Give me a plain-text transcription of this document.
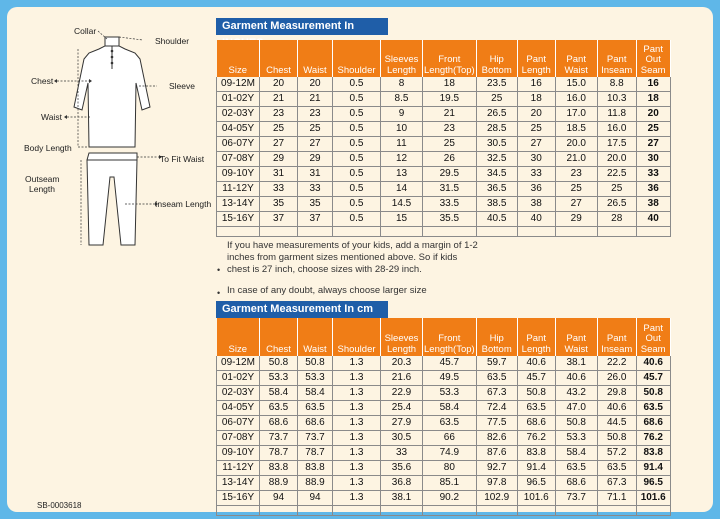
Collar
Shoulder
Chest	Sleeve
Waist
Body Length
To Fit Waist
Outseam
Length
Inseam Length
Garment Measurement In
Size	Chest	Waist	Shoulder	Sleeves Length	Front Length(Top)	Hip Bottom	Pant Length	Pant Waist	Pant Inseam	Pant Out Seam
09-12M	20	20	0.5	8	18	23.5	16	15.0	8.8	16
01-02Y	21	21	0.5	8.5	19.5	25	18	16.0	10.3	18
02-03Y	23	23	0.5	9	21	26.5	20	17.0	11.8	20
04-05Y	25	25	0.5	10	23	28.5	25	18.5	16.0	25
06-07Y	27	27	0.5	11	25	30.5	27	20.0	17.5	27
07-08Y	29	29	0.5	12	26	32.5	30	21.0	20.0	30
09-10Y	31	31	0.5	13	29.5	34.5	33	23	22.5	33
11-12Y	33	33	0.5	14	31.5	36.5	36	25	25	36
13-14Y	35	35	0.5	14.5	33.5	38.5	38	27	26.5	38
15-16Y	37	37	0.5	15	35.5	40.5	40	29	28	40

If you have measurements of your kids, add a margin of 1-2
inches from garment sizes mentioned above. So if kids
chest is 27 inch, choose sizes with 28-29 inch.
•
In case of any doubt, always choose larger size
•
Garment Measurement In cm
Size	Chest	Waist	Shoulder	Sleeves Length	Front Length(Top)	Hip Bottom	Pant Length	Pant Waist	Pant Inseam	Pant Out Seam
09-12M	50.8	50.8	1.3	20.3	45.7	59.7	40.6	38.1	22.2	40.6
01-02Y	53.3	53.3	1.3	21.6	49.5	63.5	45.7	40.6	26.0	45.7
02-03Y	58.4	58.4	1.3	22.9	53.3	67.3	50.8	43.2	29.8	50.8
04-05Y	63.5	63.5	1.3	25.4	58.4	72.4	63.5	47.0	40.6	63.5
06-07Y	68.6	68.6	1.3	27.9	63.5	77.5	68.6	50.8	44.5	68.6
07-08Y	73.7	73.7	1.3	30.5	66	82.6	76.2	53.3	50.8	76.2
09-10Y	78.7	78.7	1.3	33	74.9	87.6	83.8	58.4	57.2	83.8
11-12Y	83.8	83.8	1.3	35.6	80	92.7	91.4	63.5	63.5	91.4
13-14Y	88.9	88.9	1.3	36.8	85.1	97.8	96.5	68.6	67.3	96.5
15-16Y	94	94	1.3	38.1	90.2	102.9	101.6	73.7	71.1	101.6

SB-0003618
